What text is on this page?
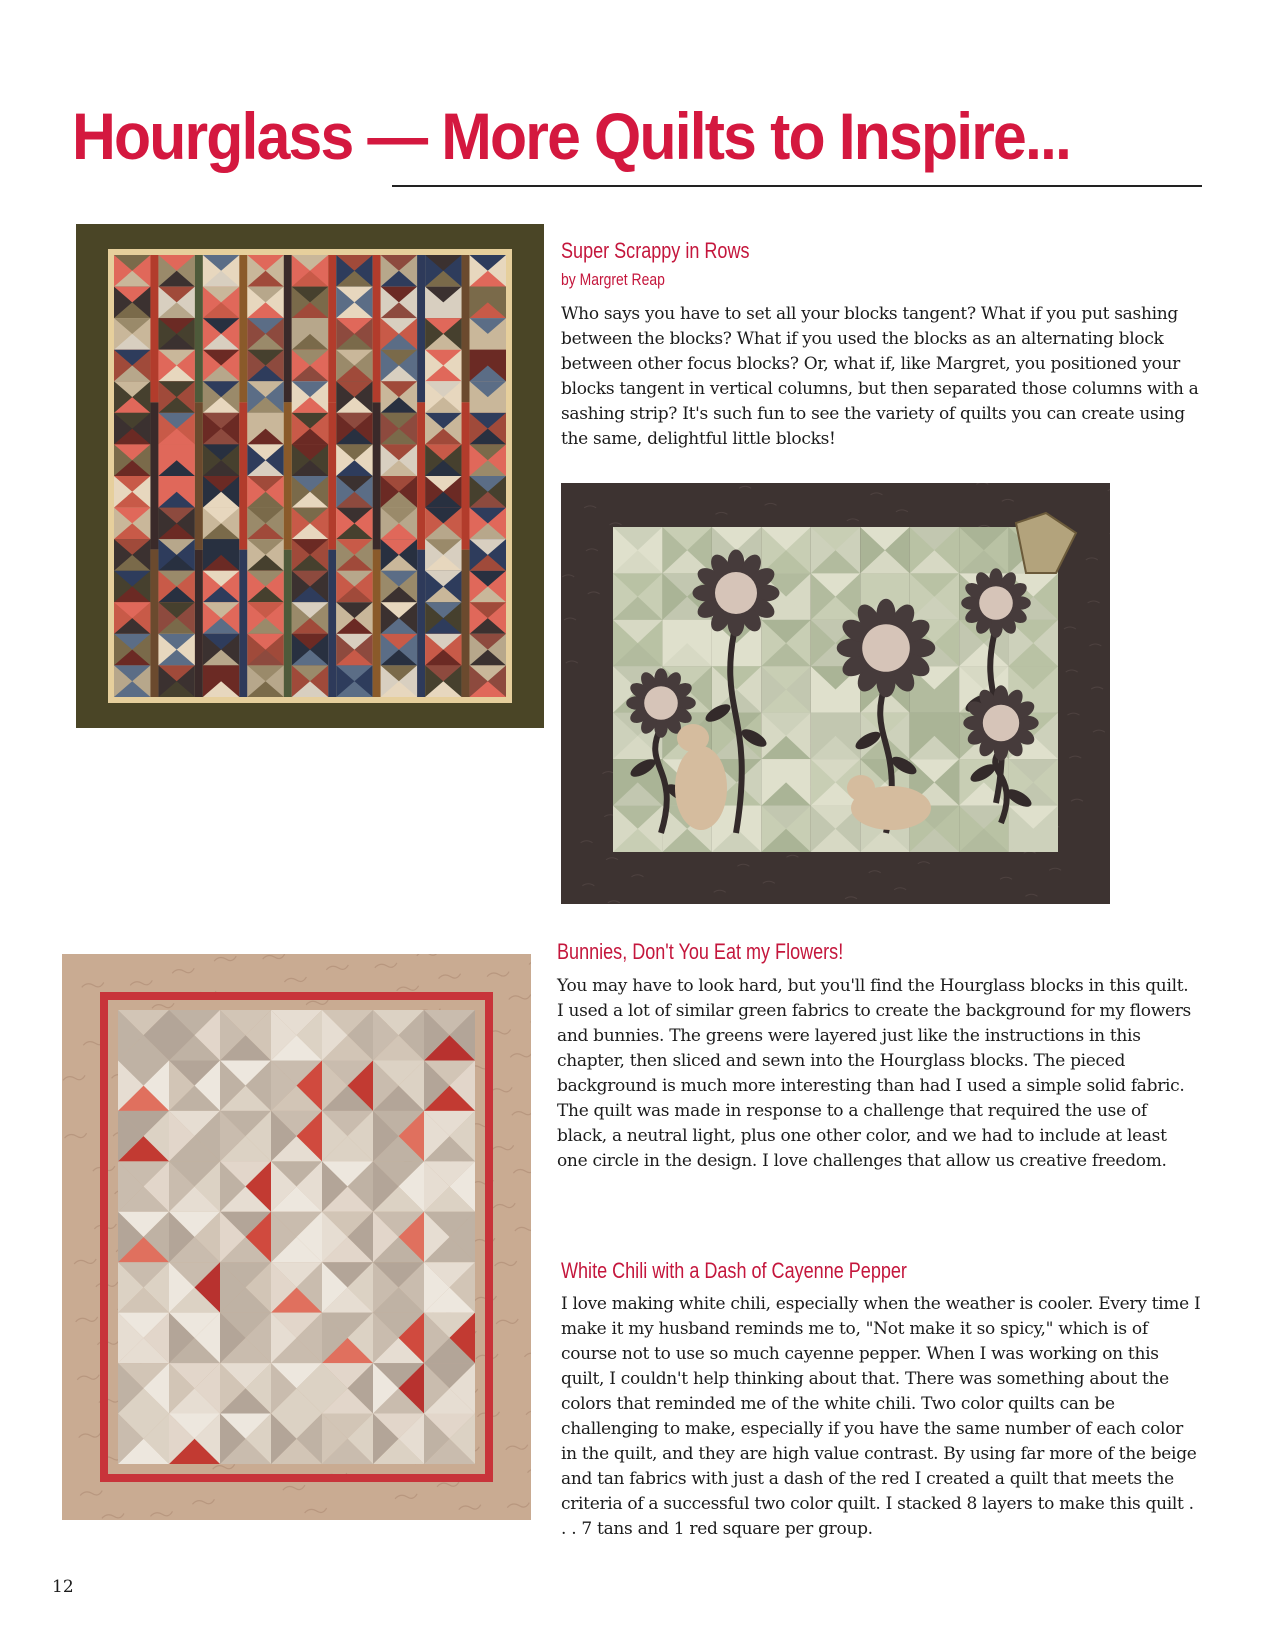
Hourglass — More Quilts to Inspire...
Super Scrappy in Rows
by Margret Reap

Who says you have to set all your blocks tangent? What if you put sashing between the blocks? What if you used the blocks as an alternating block between other focus blocks? Or, what if, like Margret, you positioned your blocks tangent in vertical columns, but then separated those columns with a sashing strip? It's such fun to see the variety of quilts you can create using the same, delightful little blocks!

Bunnies, Don't You Eat my Flowers!

You may have to look hard, but you'll find the Hourglass blocks in this quilt. I used a lot of similar green fabrics to create the background for my flowers and bunnies. The greens were layered just like the instructions in this chapter, then sliced and sewn into the Hourglass blocks. The pieced background is much more interesting than had I used a simple solid fabric. The quilt was made in response to a challenge that required the use of black, a neutral light, plus one other color, and we had to include at least one circle in the design. I love challenges that allow us creative freedom.

White Chili with a Dash of Cayenne Pepper

I love making white chili, especially when the weather is cooler. Every time I make it my husband reminds me to, "Not make it so spicy," which is of course not to use so much cayenne pepper. When I was working on this quilt, I couldn't help thinking about that. There was something about the colors that reminded me of the white chili. Two color quilts can be challenging to make, especially if you have the same number of each color in the quilt, and they are high value contrast. By using far more of the beige and tan fabrics with just a dash of the red I created a quilt that meets the criteria of a successful two color quilt. I stacked 8 layers to make this quilt . . . 7 tans and 1 red square per group.

12
